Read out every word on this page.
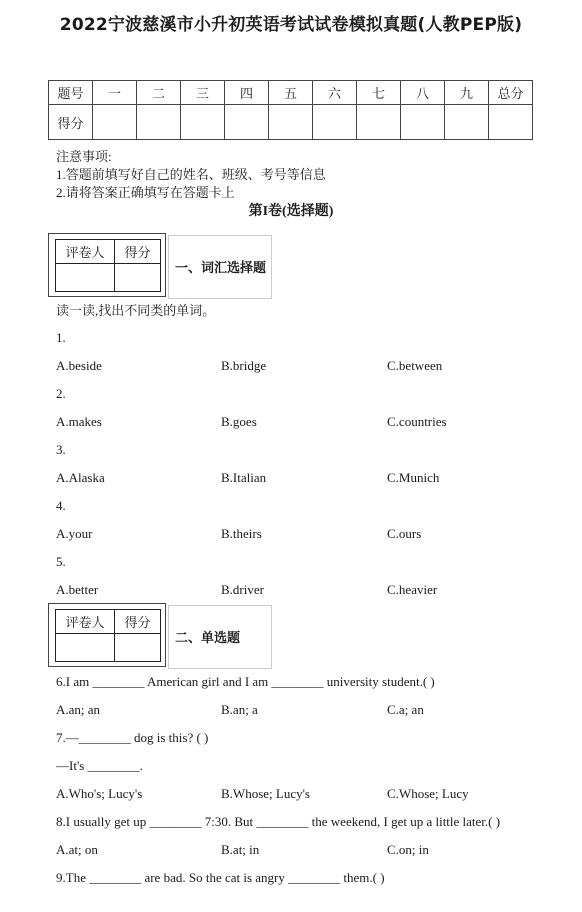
2022宁波慈溪市小升初英语考试试卷模拟真题(人教PEP版)
题号	一	二	三	四	五	六	七	八	九	总分
得分										
注意事项:
1.答题前填写好自己的姓名、班级、考号等信息
2.请将答案正确填写在答题卡上
第I卷(选择题)
评卷人	得分

一、词汇选择题
读一读,找出不同类的单词。
1.
A.beside	B.bridge	C.between
2.
A.makes	B.goes	C.countries
3.
A.Alaska	B.Italian	C.Munich
4.
A.your	B.theirs	C.ours
5.
A.better	B.driver	C.heavier
评卷人	得分

二、单选题
6.I am ________ American girl and I am ________ university student.( )
A.an; an	B.an; a	C.a; an
7.—________ dog is this? ( )
—It's ________.
A.Who's; Lucy's	B.Whose; Lucy's	C.Whose; Lucy
8.I usually get up ________ 7:30. But ________ the weekend, I get up a little later.( )
A.at; on	B.at; in	C.on; in
9.The ________ are bad. So the cat is angry ________ them.( )
